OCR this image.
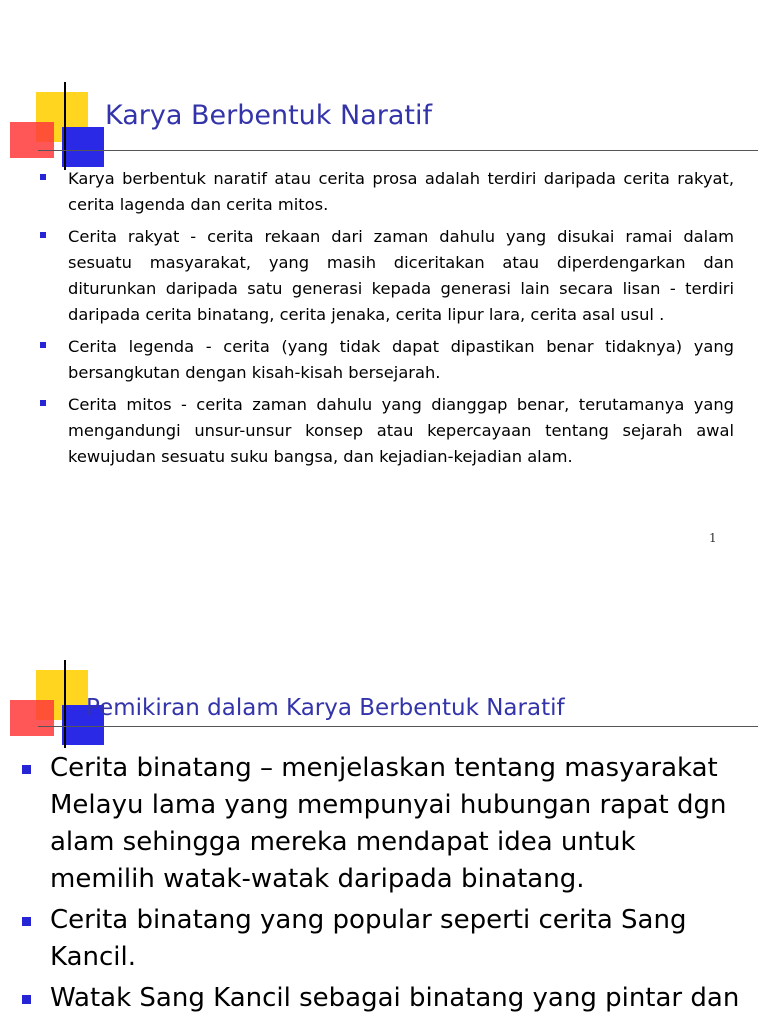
Karya Berbentuk Naratif
Karya berbentuk naratif atau cerita prosa adalah terdiri daripada cerita rakyat, cerita lagenda dan cerita mitos.
Cerita rakyat - cerita rekaan dari zaman dahulu yang disukai ramai dalam sesuatu masyarakat, yang masih diceritakan atau diperdengarkan dan diturunkan daripada satu generasi kepada generasi lain secara lisan - terdiri daripada cerita binatang, cerita jenaka, cerita lipur lara, cerita asal usul .
Cerita legenda - cerita (yang tidak dapat dipastikan benar tidaknya) yang bersangkutan dengan kisah-kisah bersejarah.
Cerita mitos - cerita zaman dahulu yang dianggap benar, terutamanya yang mengandungi unsur-unsur konsep atau kepercayaan tentang sejarah awal kewujudan sesuatu suku bangsa, dan kejadian-kejadian alam.
1
Pemikiran dalam Karya Berbentuk Naratif
Cerita binatang – menjelaskan tentang masyarakat Melayu lama yang mempunyai hubungan rapat dgn alam sehingga mereka mendapat idea untuk memilih watak-watak daripada binatang.
Cerita binatang yang popular seperti cerita Sang Kancil.
Watak Sang Kancil sebagai binatang yang pintar dan
